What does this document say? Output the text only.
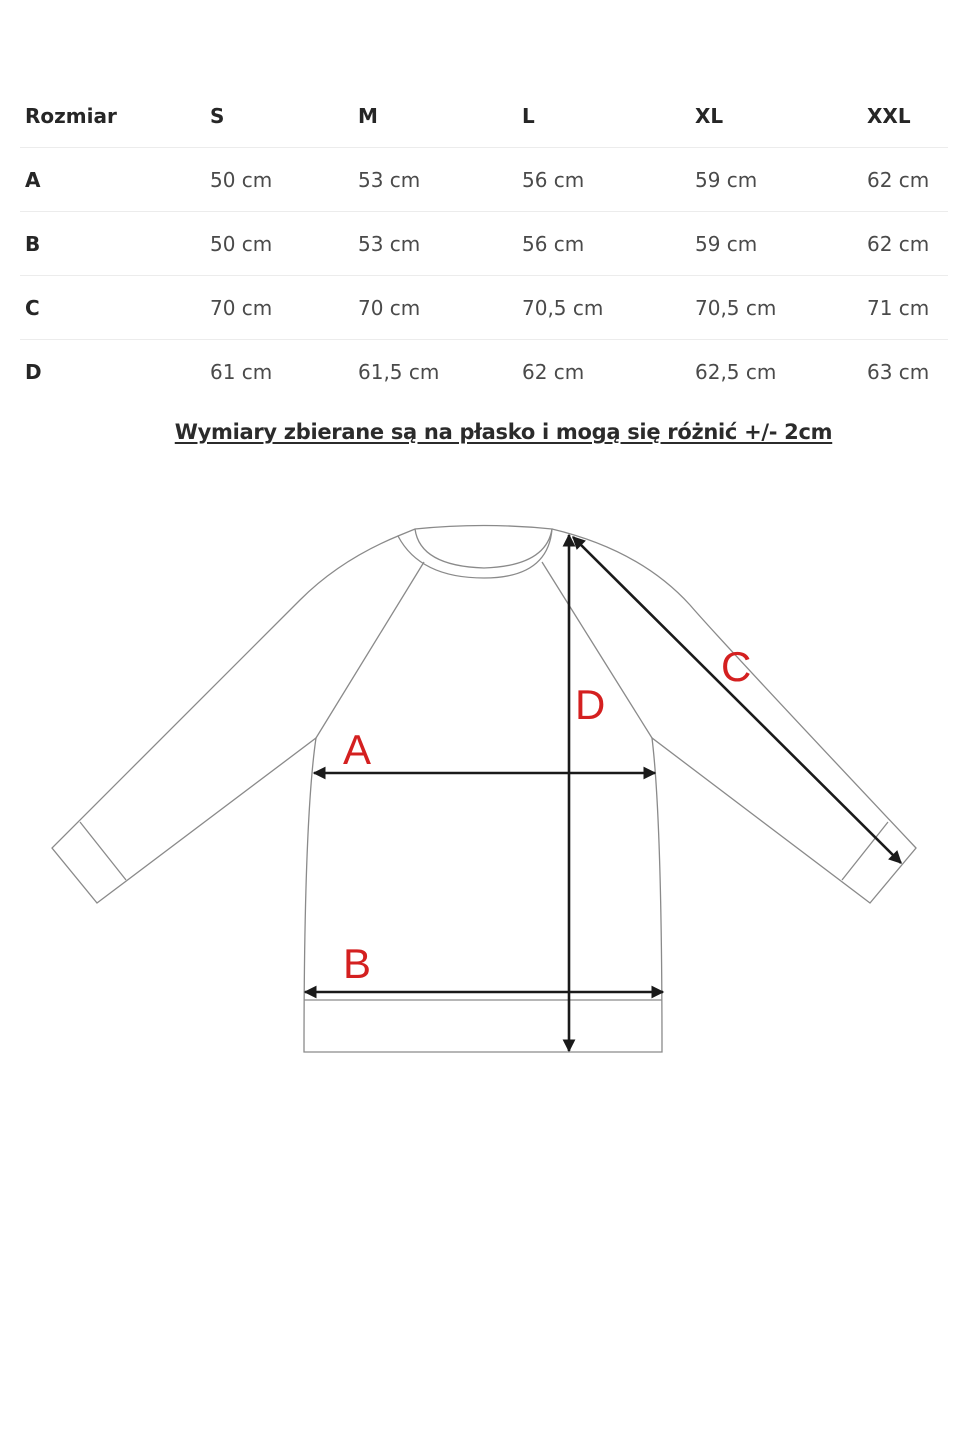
Rozmiar	S	M	L	XL	XXL
A	50 cm	53 cm	56 cm	59 cm	62 cm
B	50 cm	53 cm	56 cm	59 cm	62 cm
C	70 cm	70 cm	70,5 cm	70,5 cm	71 cm
D	61 cm	61,5 cm	62 cm	62,5 cm	63 cm
Wymiary zbierane są na płasko i mogą się różnić +/- 2cm
A
B
C
D
